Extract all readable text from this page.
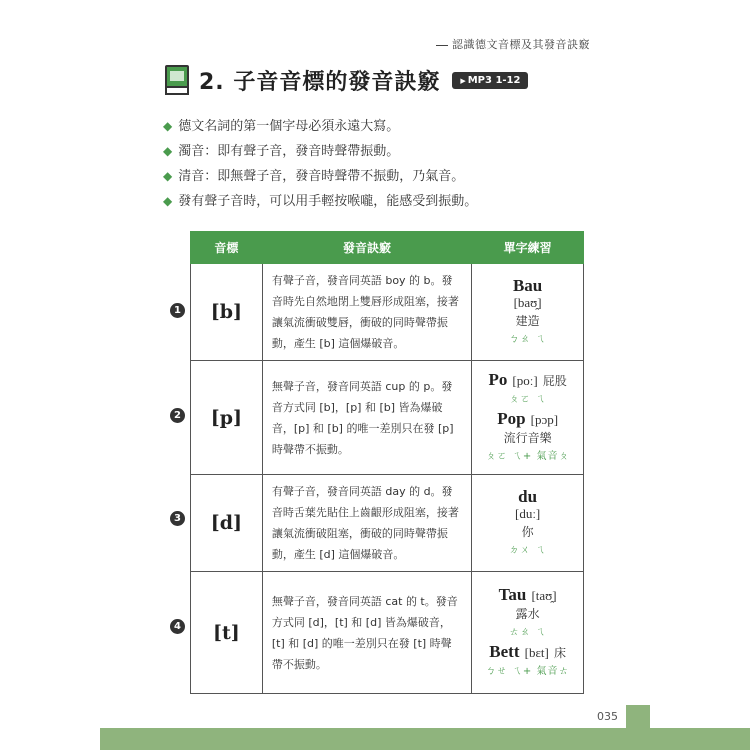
認識德文音標及其發音訣竅
2. 子音音標的發音訣竅	▶ MP3 1-12
◆ 德文名詞的第一個字母必須永遠大寫。
◆ 濁音：即有聲子音，發音時聲帶振動。
◆ 清音：即無聲子音，發音時聲帶不振動，乃氣音。
◆ 發有聲子音時，可以用手輕按喉嚨，能感受到振動。
音標	發音訣竅	單字練習
[b]	有聲子音，發音同英語 boy 的 b。發音時先自然地閉上雙唇形成阻塞，接著讓氣流衝破雙唇，衝破的同時聲帶振動，產生 [b] 這個爆破音。	Bau
[baʊ̯]
建造
ㄅㄠ ㄟ

[p]	無聲子音，發音同英語 cup 的 p。發音方式同 [b]，[p] 和 [b] 皆為爆破音，[p] 和 [b] 的唯一差別只在發 [p] 時聲帶不振動。	Po [poː] 屁股
ㄆㄛ ㄟ
Pop [pɔp]
流行音樂
ㄆㄛ ㄟ+ 氣音ㄆ

[d]	有聲子音，發音同英語 day 的 d。發音時舌葉先貼住上齒齦形成阻塞，接著讓氣流衝破阻塞，衝破的同時聲帶振動，產生 [d] 這個爆破音。	du
[duː]
你
ㄉㄨ ㄟ

[t]	無聲子音，發音同英語 cat 的 t。發音方式同 [d]，[t] 和 [d] 皆為爆破音，[t] 和 [d] 的唯一差別只在發 [t] 時聲帶不振動。	Tau [taʊ̯]
露水
ㄊㄠ ㄟ
Bett [bɛt] 床
ㄅㄝ ㄟ+ 氣音ㄊ
1
2
3
4
035
